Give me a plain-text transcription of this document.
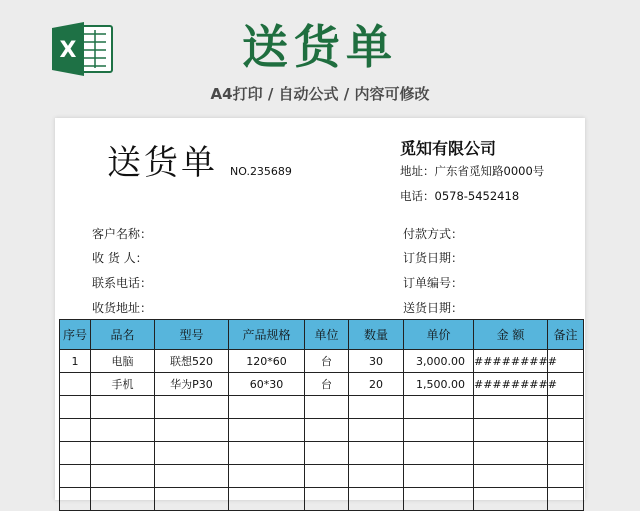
X	送货单
A4打印 / 自动公式 / 内容可修改
送货单 NO.235689
觅知有限公司
地址：广东省觅知路0000号
电话：0578-5452418
客户名称：
收 货 人：
联系电话：
收货地址：
付款方式：
订货日期：
订单编号：
送货日期：
序号	品名	型号	产品规格	单位	数量	单价	金 额	备注
1	电脑	联想520	120*60	台	30	3,000.00	#########	
	手机	华为P30	60*30	台	20	1,500.00	#########	
